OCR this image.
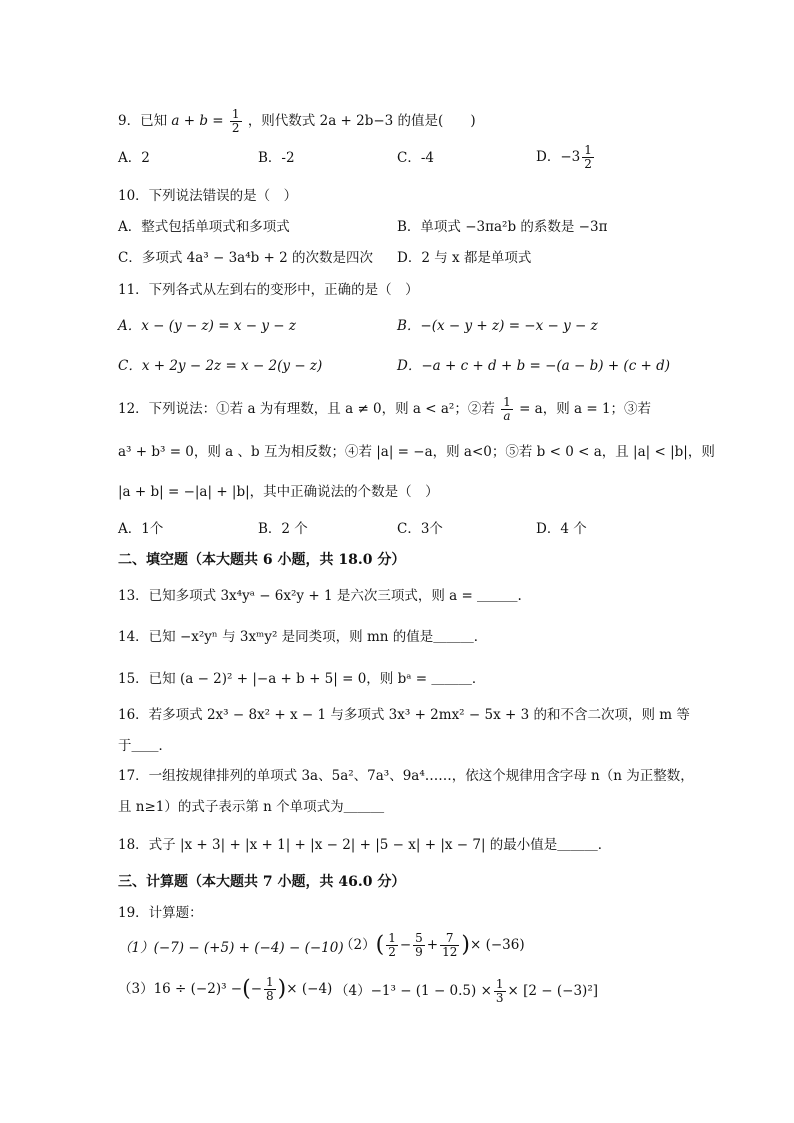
9．已知 $a + b = \frac{1}{2}$ ，则代数式 2a + 2b−3 的值是(　　)
A．2	B．-2	C．-4	D．$-3 \frac{1}{2}$
10．下列说法错误的是（　）
A．整式包括单项式和多项式	B．单项式 −3πa²b 的系数是 −3π
C．多项式 4a³ − 3a⁴b + 2 的次数是四次 D．2 与 x 都是单项式
11．下列各式从左到右的变形中，正确的是（　）
A．x − (y − z) = x − y − z	B．−(x − y + z) = −x − y − z
C．x + 2y − 2z = x − 2(y − z)	D．−a + c + d + b = −(a − b) + (c + d)
12．下列说法：①若 a 为有理数，且 a ≠ 0，则 a < a²；②若 $\frac{1}{a} = a$，则 a = 1；③若
a³ + b³ = 0，则 a 、b 互为相反数；④若 |a| = −a，则 a<0；⑤若 b < 0 < a，且 |a| < |b|，则
|a + b| = −|a| + |b|，其中正确说法的个数是（　）
A．1个	B．2 个	C．3个	D．4 个
二、填空题（本大题共 6 小题，共 18.0 分）
13．已知多项式 3x⁴yᵃ − 6x²y + 1 是六次三项式，则 a = ＿＿＿.
14．已知 −x²yⁿ 与 3xᵐy² 是同类项，则 mn 的值是＿＿＿．
15．已知 (a − 2)² + |−a + b + 5| = 0，则 bᵃ = ＿＿＿．
16．若多项式 2x³ − 8x² + x − 1 与多项式 3x³ + 2mx² − 5x + 3 的和不含二次项，则 m 等
于＿＿．
17．一组按规律排列的单项式 3a、5a²、7a³、9a⁴……，依这个规律用含字母 n（n 为正整数，
且 n≥1）的式子表示第 n 个单项式为＿＿＿
18．式子 |x + 3| + |x + 1| + |x − 2| + |5 − x| + |x − 7| 的最小值是＿＿＿．
三、计算题（本大题共 7 小题，共 46.0 分）
19．计算题：
（1）(−7) − (+5) + (−4) − (−10)
$(2)( \frac{1}{2} - \frac{5}{9} + \frac{7}{12}$ )× (−36)
（3）16 ÷ (−2)³ −(− $\frac{1}{8}$ )× (−4) $(4)-1^3 - (1 - 0.5) \times \frac{1}{3} \times [2 - (-3)^2]$
